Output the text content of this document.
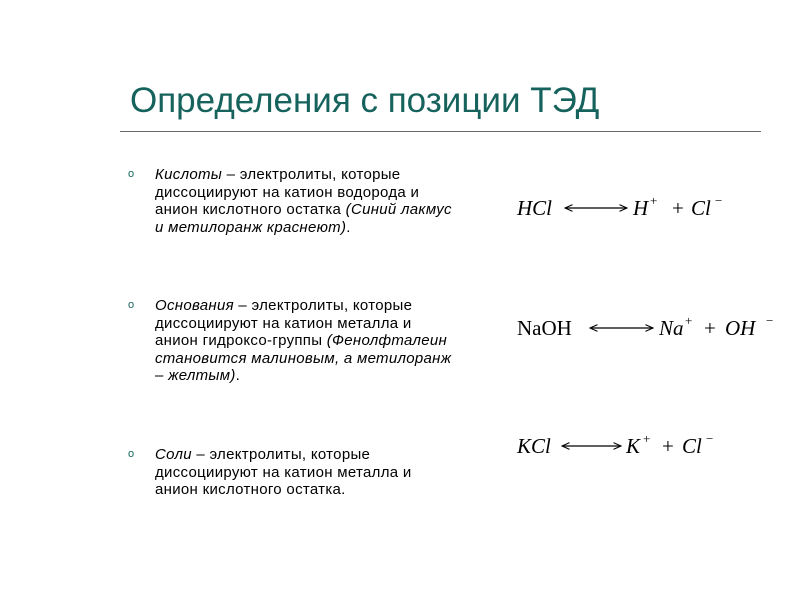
Определения с позиции ТЭД
o Кислоты – электролиты, которые диссоциируют на катион водорода и анион кислотного остатка (Синий лакмус и метилоранж краснеют).
o Основания – электролиты, которые диссоциируют на катион металла и анион гидроксо-группы (Фенолфталеин становится малиновым, а метилоранж – желтым).
o Соли – электролиты, которые диссоциируют на катион металла и анион кислотного остатка.
HCl	H + + Cl −
NaOH	Na + + OH −
KCl	K + + Cl −
